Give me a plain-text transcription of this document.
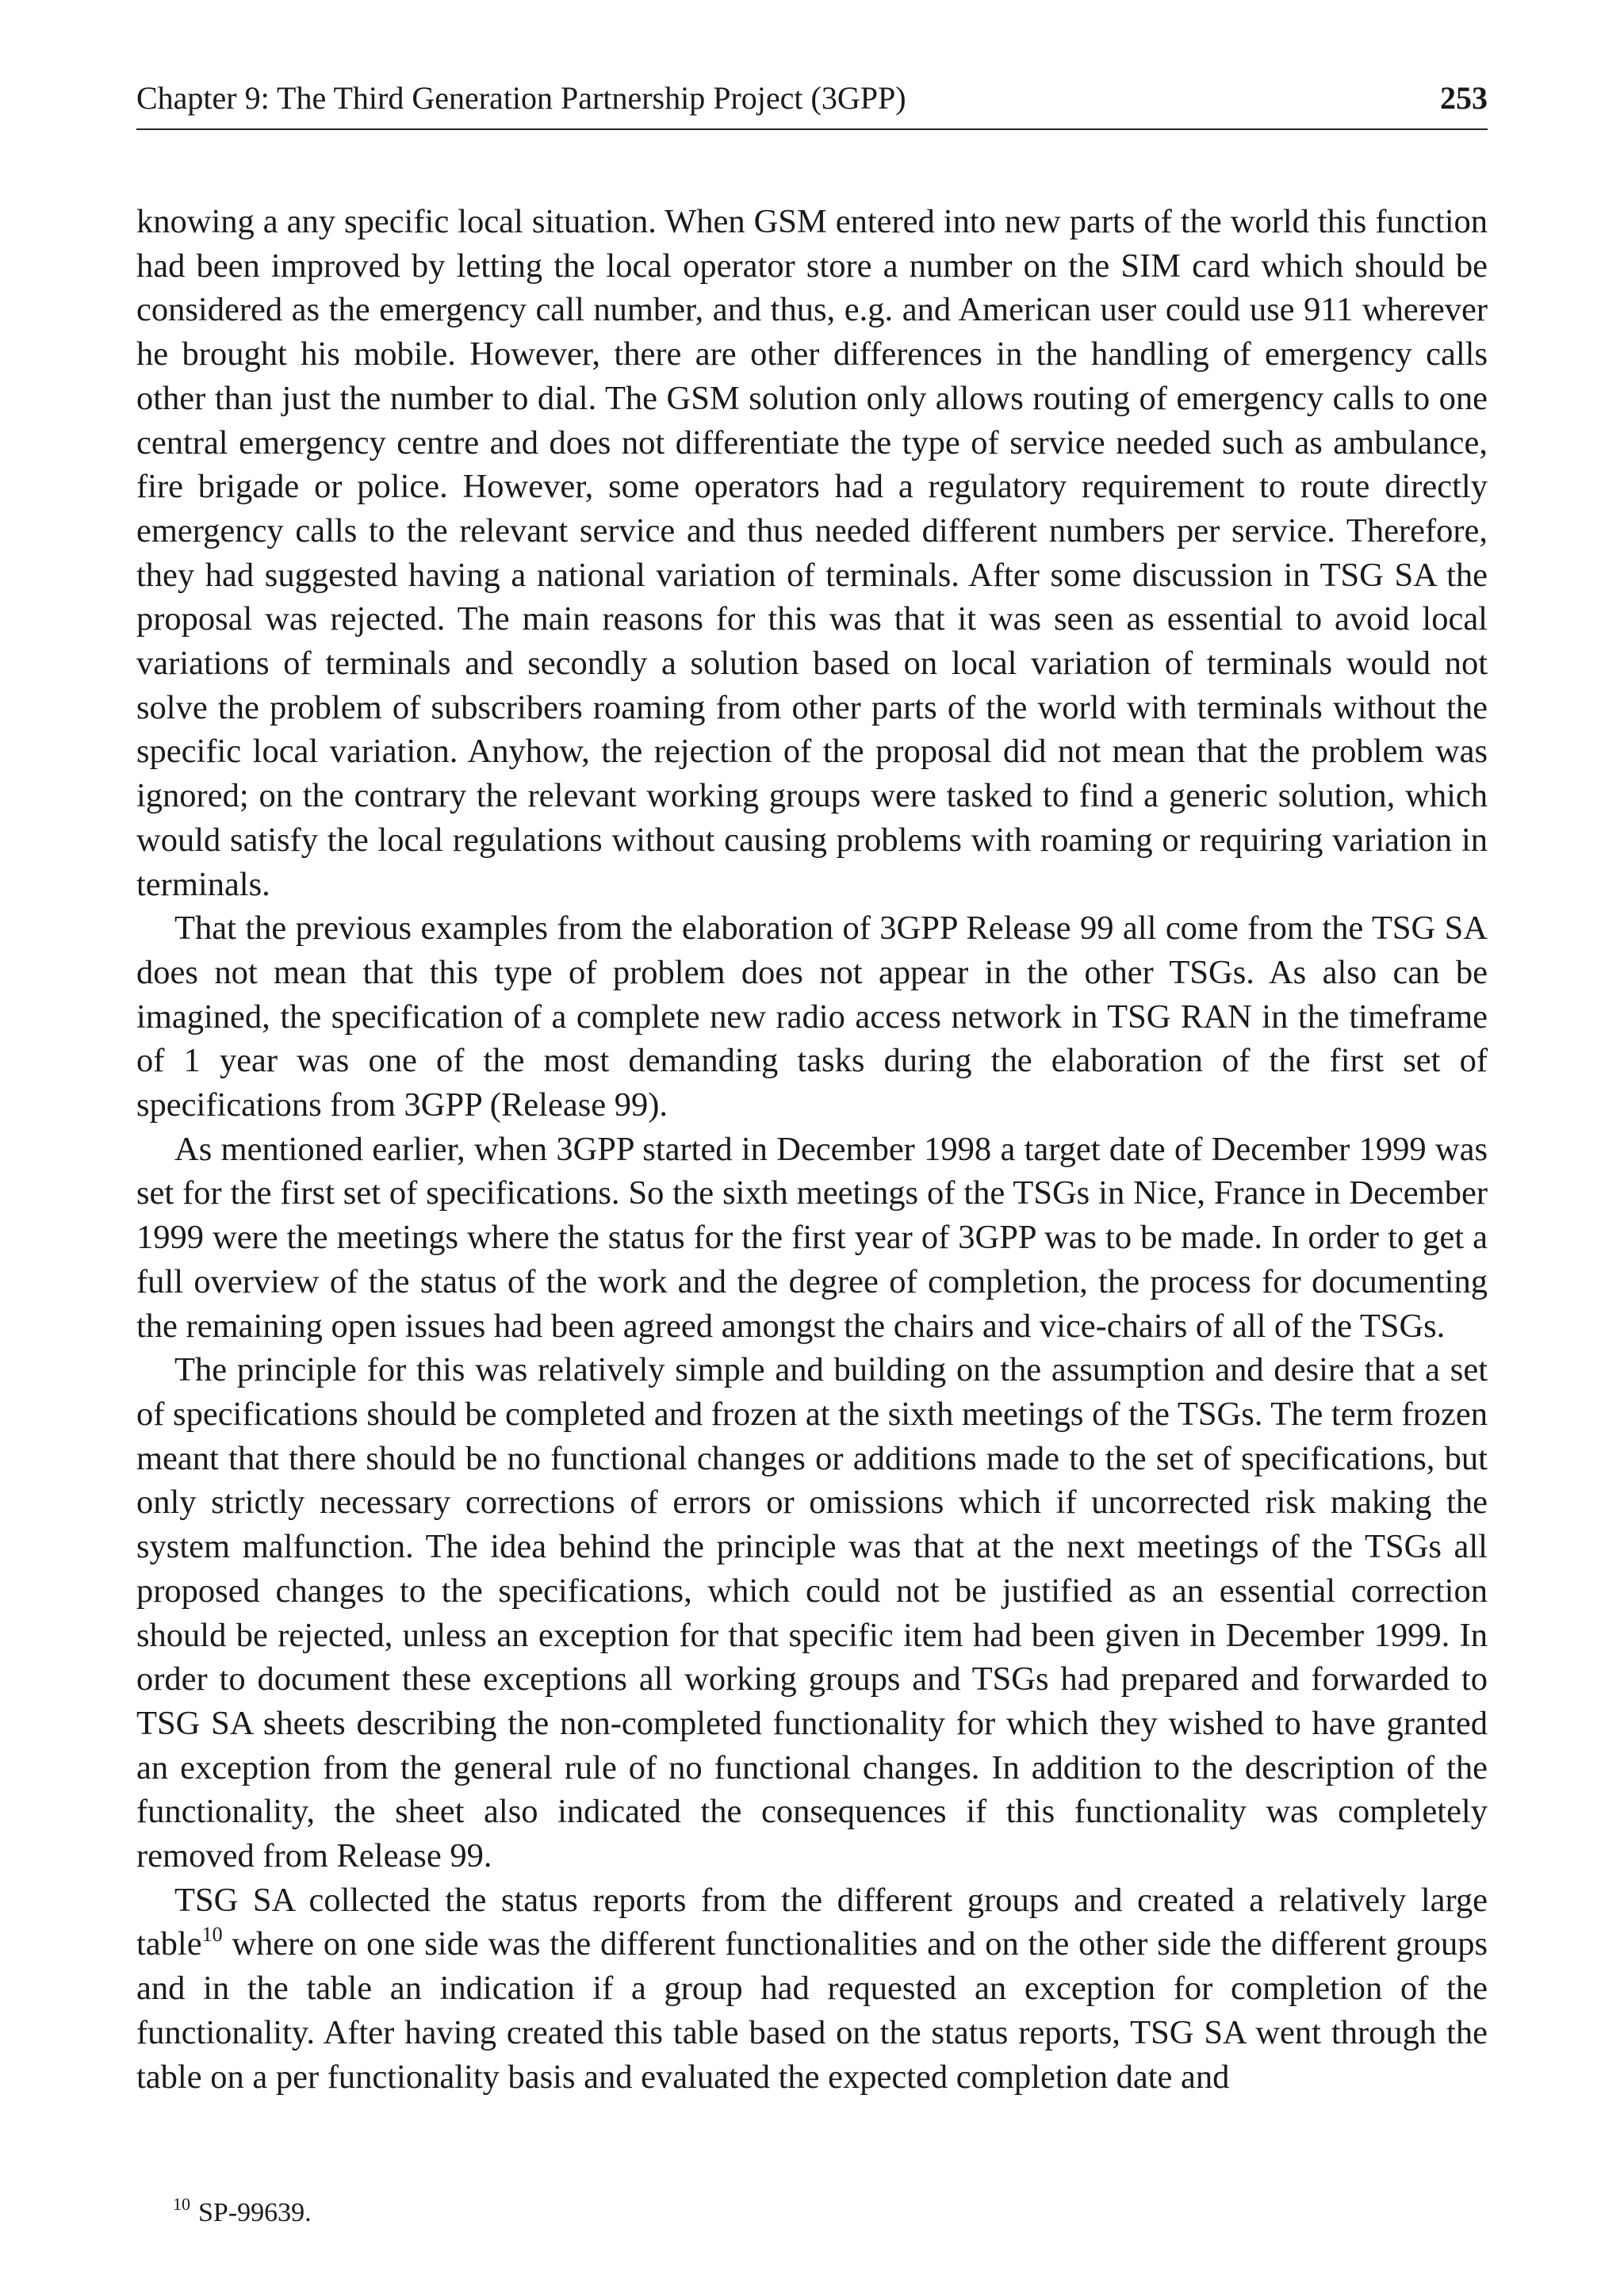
Chapter 9: The Third Generation Partnership Project (3GPP)	253

knowing a any specific local situation. When GSM entered into new parts of the world this function had been improved by letting the local operator store a number on the SIM card which should be considered as the emergency call number, and thus, e.g. and American user could use 911 wherever he brought his mobile. However, there are other differences in the handling of emergency calls other than just the number to dial. The GSM solution only allows routing of emergency calls to one central emergency centre and does not differentiate the type of service needed such as ambulance, fire brigade or police. However, some operators had a regulatory requirement to route directly emergency calls to the relevant service and thus needed different numbers per service. Therefore, they had suggested having a national variation of terminals. After some discussion in TSG SA the proposal was rejected. The main reasons for this was that it was seen as essential to avoid local variations of terminals and secondly a solution based on local variation of terminals would not solve the problem of subscribers roaming from other parts of the world with terminals without the specific local variation. Anyhow, the rejection of the proposal did not mean that the problem was ignored; on the contrary the relevant working groups were tasked to find a generic solution, which would satisfy the local regulations without causing problems with roaming or requiring variation in terminals.

That the previous examples from the elaboration of 3GPP Release 99 all come from the TSG SA does not mean that this type of problem does not appear in the other TSGs. As also can be imagined, the specification of a complete new radio access network in TSG RAN in the timeframe of 1 year was one of the most demanding tasks during the elaboration of the first set of specifications from 3GPP (Release 99).

As mentioned earlier, when 3GPP started in December 1998 a target date of December 1999 was set for the first set of specifications. So the sixth meetings of the TSGs in Nice, France in December 1999 were the meetings where the status for the first year of 3GPP was to be made. In order to get a full overview of the status of the work and the degree of completion, the process for documenting the remaining open issues had been agreed amongst the chairs and vice-chairs of all of the TSGs.

The principle for this was relatively simple and building on the assumption and desire that a set of specifications should be completed and frozen at the sixth meetings of the TSGs. The term frozen meant that there should be no functional changes or additions made to the set of specifications, but only strictly necessary corrections of errors or omissions which if uncorrected risk making the system malfunction. The idea behind the principle was that at the next meetings of the TSGs all proposed changes to the specifications, which could not be justified as an essential correction should be rejected, unless an exception for that specific item had been given in December 1999. In order to document these exceptions all working groups and TSGs had prepared and forwarded to TSG SA sheets describing the non-completed functionality for which they wished to have granted an exception from the general rule of no functional changes. In addition to the description of the functionality, the sheet also indicated the consequences if this functionality was completely removed from Release 99.

TSG SA collected the status reports from the different groups and created a relatively large table$^{10}$ where on one side was the different functionalities and on the other side the different groups and in the table an indication if a group had requested an exception for completion of the functionality. After having created this table based on the status reports, TSG SA went through the table on a per functionality basis and evaluated the expected completion date and

$^{10}$ SP-99639.
